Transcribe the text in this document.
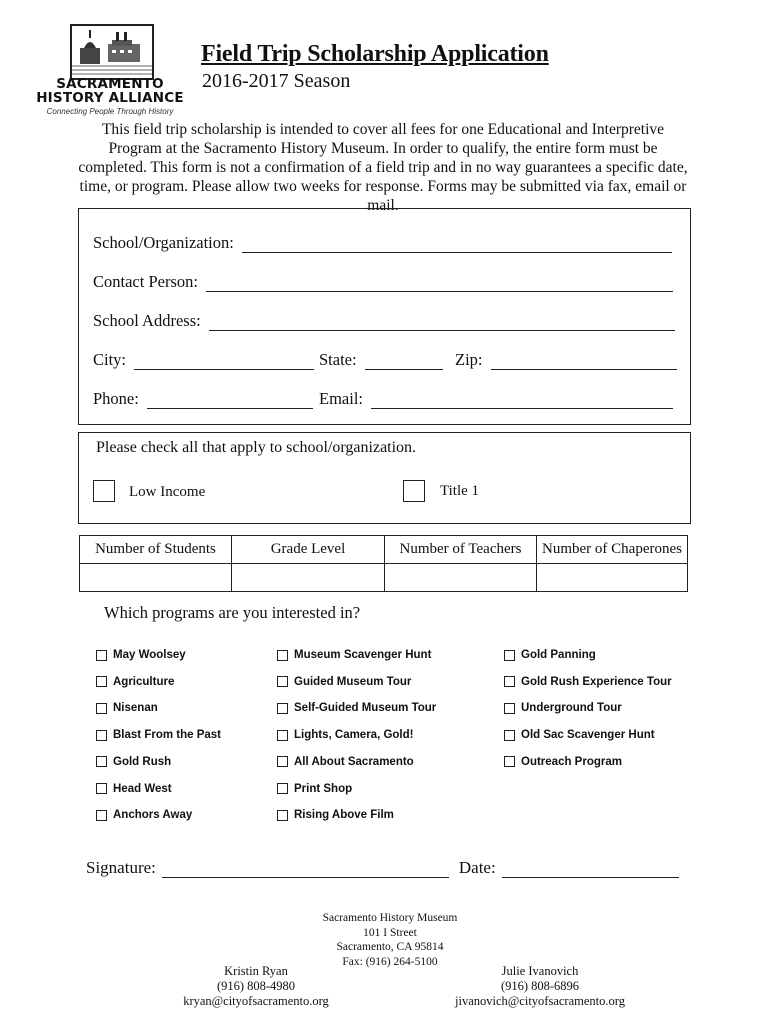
SACRAMENTO
HISTORY ALLIANCE
Connecting People Through History
Field Trip Scholarship Application
2016-2017 Season
This field trip scholarship is intended to cover all fees for one Educational and Interpretive Program at the Sacramento History Museum. In order to qualify, the entire form must be completed. This form is not a confirmation of a field trip and in no way guarantees a specific date, time, or program. Please allow two weeks for response. Forms may be submitted via fax, email or mail.
School/Organization:
Contact Person:
School Address:
City:	State:	Zip:
Phone:	Email:
Please check all that apply to school/organization.
Low Income	Title 1
Number of Students	Grade Level	Number of Teachers	Number of Chaperones

Which programs are you interested in?
May Woolsey
Agriculture
Nisenan
Blast From the Past
Gold Rush
Head West
Anchors Away
Museum Scavenger Hunt
Guided Museum Tour
Self-Guided Museum Tour
Lights, Camera, Gold!
All About Sacramento
Print Shop
Rising Above Film
Gold Panning
Gold Rush Experience Tour
Underground Tour
Old Sac Scavenger Hunt
Outreach Program
Signature:	Date:
Sacramento History Museum
101 I Street
Sacramento, CA 95814
Fax: (916) 264-5100
Kristin Ryan
(916) 808-4980
kryan@cityofsacramento.org
Julie Ivanovich
(916) 808-6896
jivanovich@cityofsacramento.org
